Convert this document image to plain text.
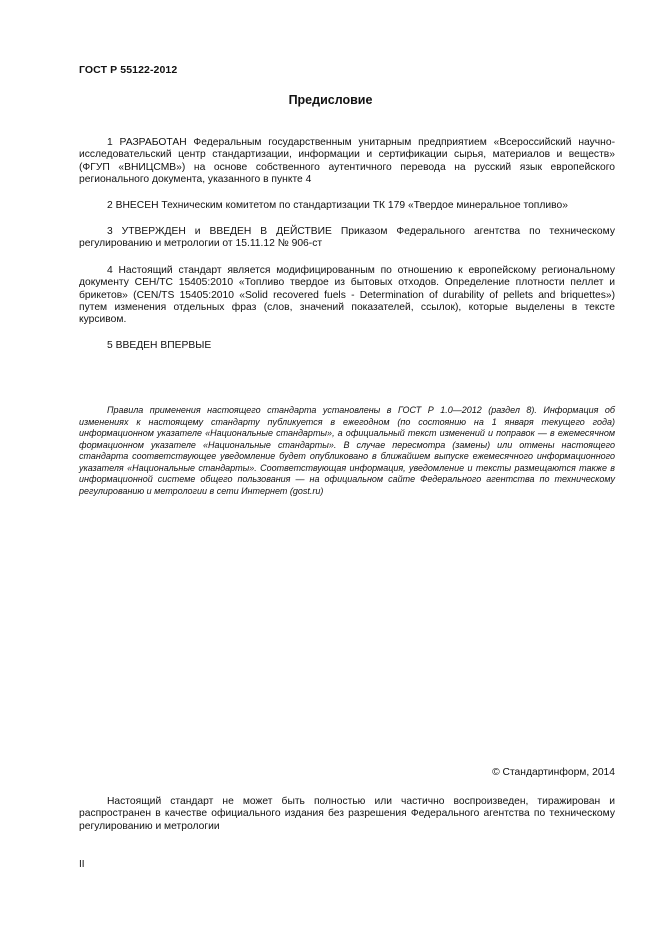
ГОСТ Р 55122-2012
Предисловие
1 РАЗРАБОТАН Федеральным государственным унитарным предприятием «Всероссийский научно-исследовательский центр стандартизации, информации и сертификации сырья, материалов и веществ» (ФГУП «ВНИЦСМВ») на основе собственного аутентичного перевода на русский язык европейского регионального документа, указанного в пункте 4
2 ВНЕСЕН Техническим комитетом по стандартизации ТК 179 «Твердое минеральное топливо»
3 УТВЕРЖДЕН и ВВЕДЕН В ДЕЙСТВИЕ Приказом Федерального агентства по техническому регулированию и метрологии от 15.11.12 № 906-ст
4 Настоящий стандарт является модифицированным по отношению к европейскому региональному документу CEH/TC 15405:2010 «Топливо твердое из бытовых отходов. Определение плотности пеллет и брикетов» (CEN/TS 15405:2010 «Solid recovered fuels - Determination of durability of pellets and briquettes») путем изменения отдельных фраз (слов, значений показателей, ссылок), которые выделены в тексте курсивом.
5 ВВЕДЕН ВПЕРВЫЕ
Правила применения настоящего стандарта установлены в ГОСТ Р 1.0—2012 (раздел 8). Информация об изменениях к настоящему стандарту публикуется в ежегодном (по состоянию на 1 января текущего года) информационном указателе «Национальные стандарты», а официальный текст изменений и поправок — в ежемесячном формационном указателе «Национальные стандарты». В случае пересмотра (замены) или отмены настоящего стандарта соответствующее уведомление будет опубликовано в ближайшем выпуске ежемесячного информационного указателя «Национальные стандарты». Соответствующая информация, уведомление и тексты размещаются также в информационной системе общего пользования — на официальном сайте Федерального агентства по техническому регулированию и метрологии в сети Интернет (gost.ru)
© Стандартинформ, 2014
Настоящий стандарт не может быть полностью или частично воспроизведен, тиражирован и распространен в качестве официального издания без разрешения Федерального агентства по техническому регулированию и метрологии
II
